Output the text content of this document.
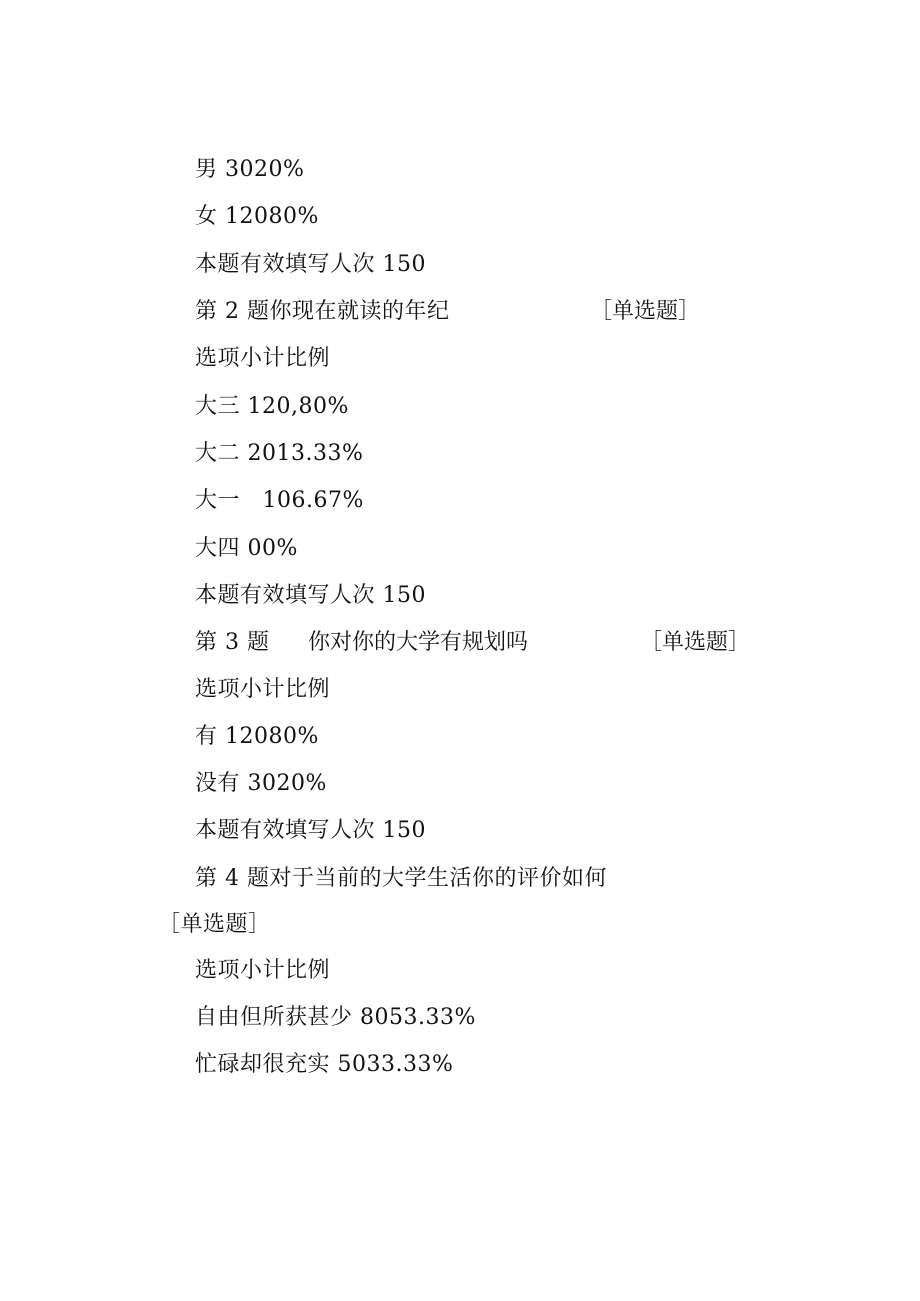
男 3020%
女 12080%
本题有效填写人次 150
第 2 题你现在就读的年纪	［单选题］
选项小计比例
大三 120,80%
大二 2013.33%
大一　106.67%
大四 00%
本题有效填写人次 150
第 3 题 你对你的大学有规划吗	［单选题］
选项小计比例
有 12080%
没有 3020%
本题有效填写人次 150
第 4 题对于当前的大学生活你的评价如何
［单选题］
选项小计比例
自由但所获甚少 8053.33%
忙碌却很充实 5033.33%
